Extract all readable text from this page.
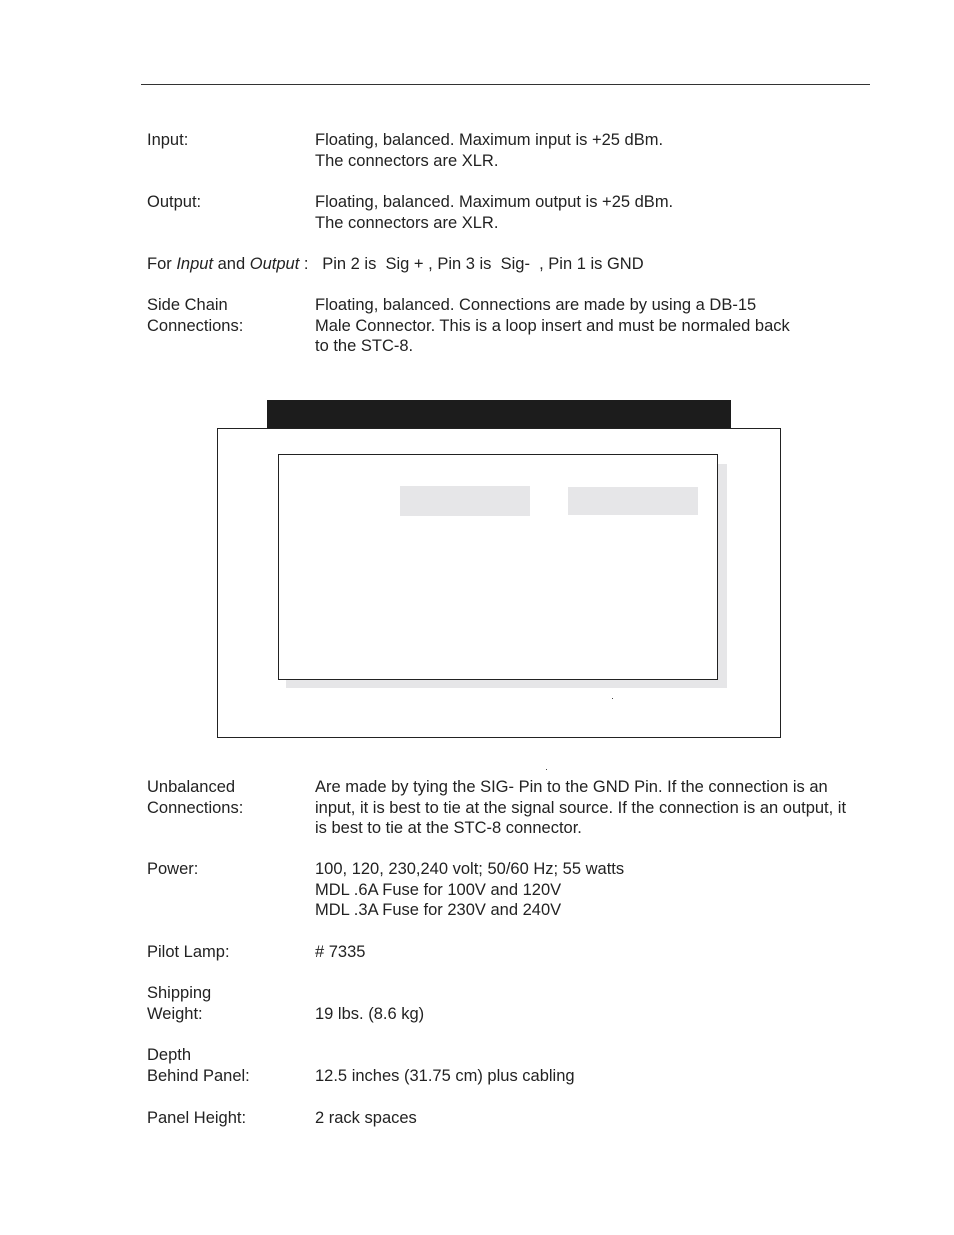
Input:	Floating, balanced. Maximum input is +25 dBm.
The connectors are XLR.
Output:	Floating, balanced. Maximum output is +25 dBm.
The connectors are XLR.
For Input and Output :   Pin 2 is  Sig + , Pin 3 is  Sig-  , Pin 1 is GND
Side Chain
Connections:
Floating, balanced. Connections are made by using a DB-15
Male Connector. This is a loop insert and must be normaled back
to the STC-8.
Unbalanced
Connections:
Are made by tying the SIG- Pin to the GND Pin. If the connection is an
input, it is best to tie at the signal source. If the connection is an output, it
is best to tie at the STC-8 connector.
Power:	100, 120, 230,240 volt; 50/60 Hz; 55 watts
MDL .6A Fuse for 100V and 120V
MDL .3A Fuse for 230V and 240V
Pilot Lamp:	# 7335
Shipping
Weight:	
19 lbs. (8.6 kg)
Depth
Behind Panel:	
12.5 inches (31.75 cm) plus cabling
Panel Height:	2 rack spaces
